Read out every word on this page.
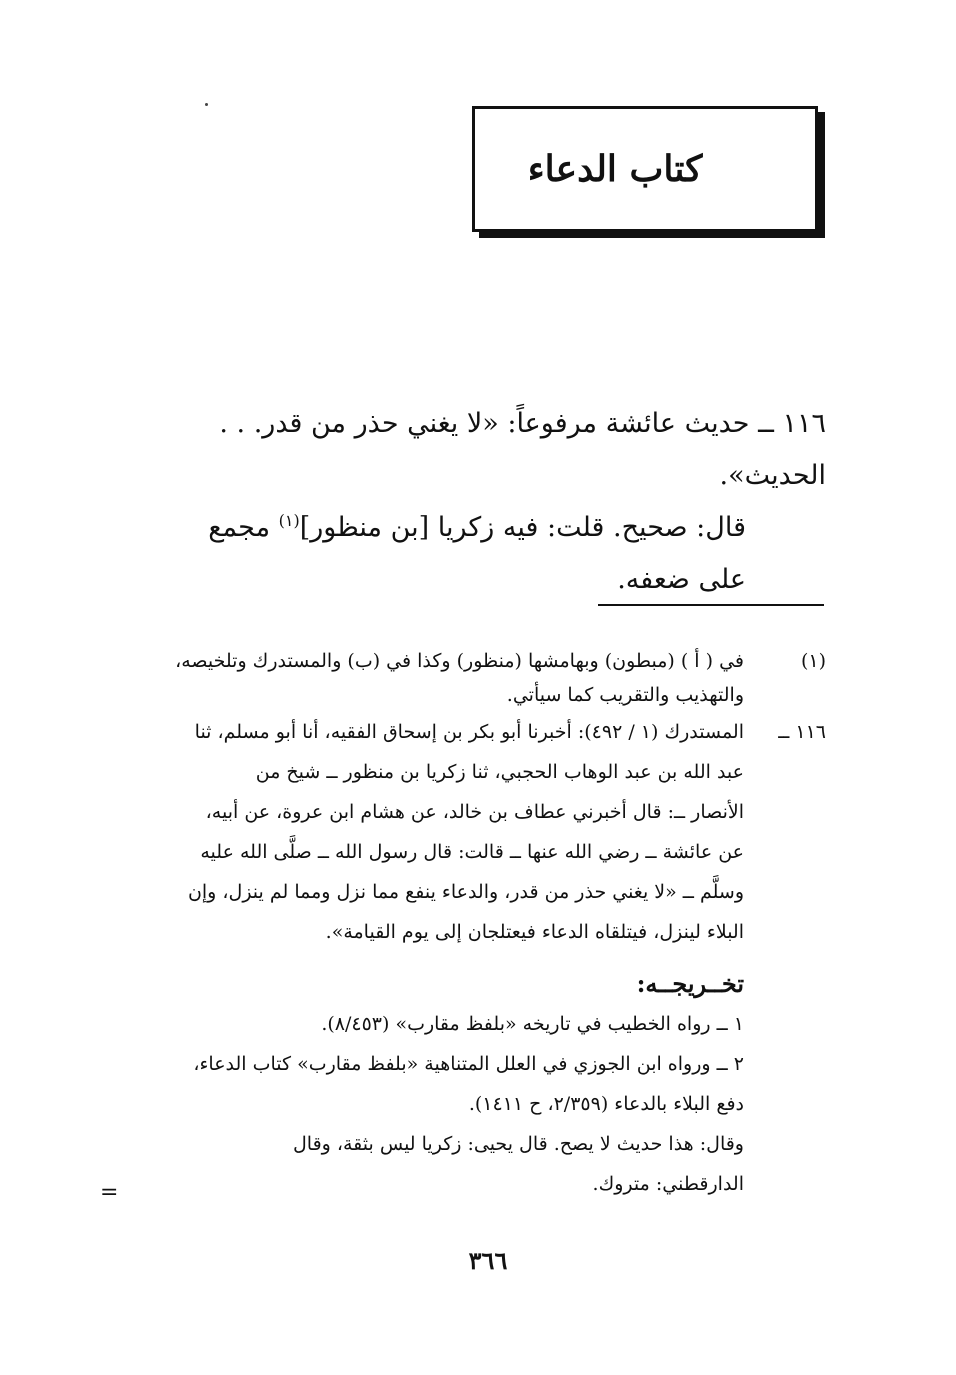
كتاب الدعاء

١١٦ ــ حديث عائشة مرفوعاً: «لا يغني حذر من قدر. . . الحديث».

قال: صحيح. قلت: فيه زكريا [بن منظور]$^{(١)}$ مجمع

على ضعفه.

(١)
في ( أ ) (مبطون) وبهامشها (منظور) وكذا في (ب) والمستدرك وتلخيصه،
والتهذيب والتقريب كما سيأتي.
١١٦ ــ
المستدرك (١ / ٤٩٢): أخبرنا أبو بكر بن إسحاق الفقيه، أنا أبو مسلم، ثنا
عبد الله بن عبد الوهاب الحجبي، ثنا زكريا بن منظور ــ شيخ من
الأنصار ــ: قال أخبرني عطاف بن خالد، عن هشام ابن عروة، عن أبيه،
عن عائشة ــ رضي الله عنها ــ قالت: قال رسول الله ــ صلَّى الله عليه
وسلَّم ــ «لا يغني حذر من قدر، والدعاء ينفع مما نزل ومما لم ينزل، وإن
البلاء لينزل، فيتلقاه الدعاء فيعتلجان إلى يوم القيامة».
تخــريجــه:
١ ــ رواه الخطيب في تاريخه «بلفظ مقارب» (٨/٤٥٣).
٢ ــ ورواه ابن الجوزي في العلل المتناهية «بلفظ مقارب» كتاب الدعاء،
دفع البلاء بالدعاء (٢/٣٥٩، ح ١٤١١).
وقال: هذا حديث لا يصح. قال يحيى: زكريا ليس بثقة، وقال
الدارقطني: متروك.
=
٣٦٦
